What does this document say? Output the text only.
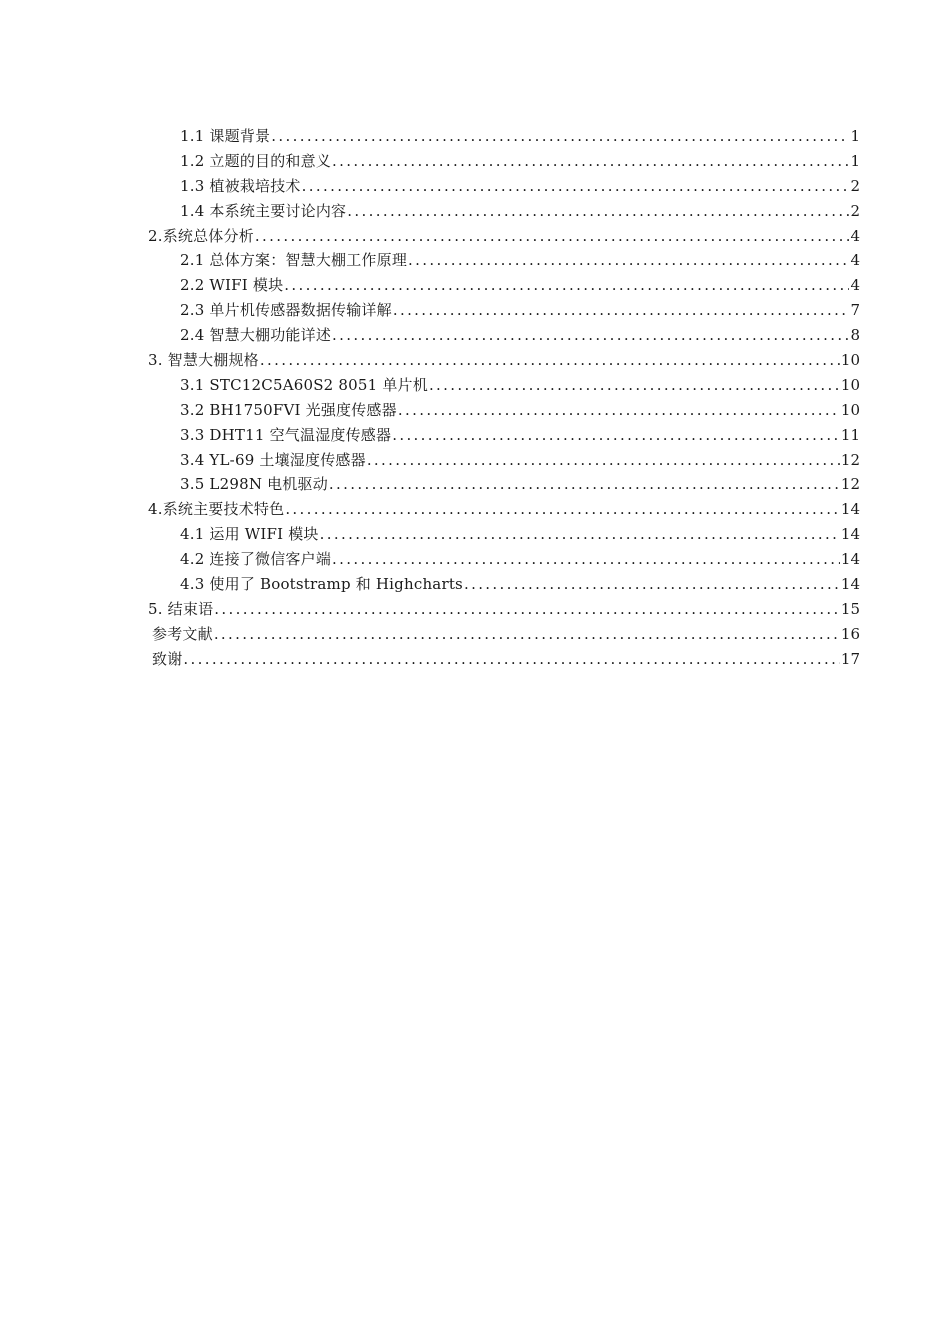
1.1 课题背景 .....	1
1.2 立题的目的和意义 .....	1
1.3 植被栽培技术 .....	2
1.4 本系统主要讨论内容 .....	2
2.系统总体分析 .....	4
2.1 总体方案：智慧大棚工作原理 .....	4
2.2 WIFI 模块 .....	4
2.3 单片机传感器数据传输详解 .....	7
2.4 智慧大棚功能详述 .....	8
3. 智慧大棚规格 .....	10
3.1 STC12C5A60S2 8051 单片机 .....	10
3.2 BH1750FVI 光强度传感器 .....	10
3.3 DHT11 空气温湿度传感器 .....	11
3.4 YL-69 土壤湿度传感器 .....	12
3.5 L298N 电机驱动 .....	12
4.系统主要技术特色 .....	14
4.1 运用 WIFI 模块 .....	14
4.2 连接了微信客户端 .....	14
4.3 使用了 Bootstramp 和 Highcharts .....	14
5. 结束语 .....	15
参考文献 .....	16
致谢 .....	17
